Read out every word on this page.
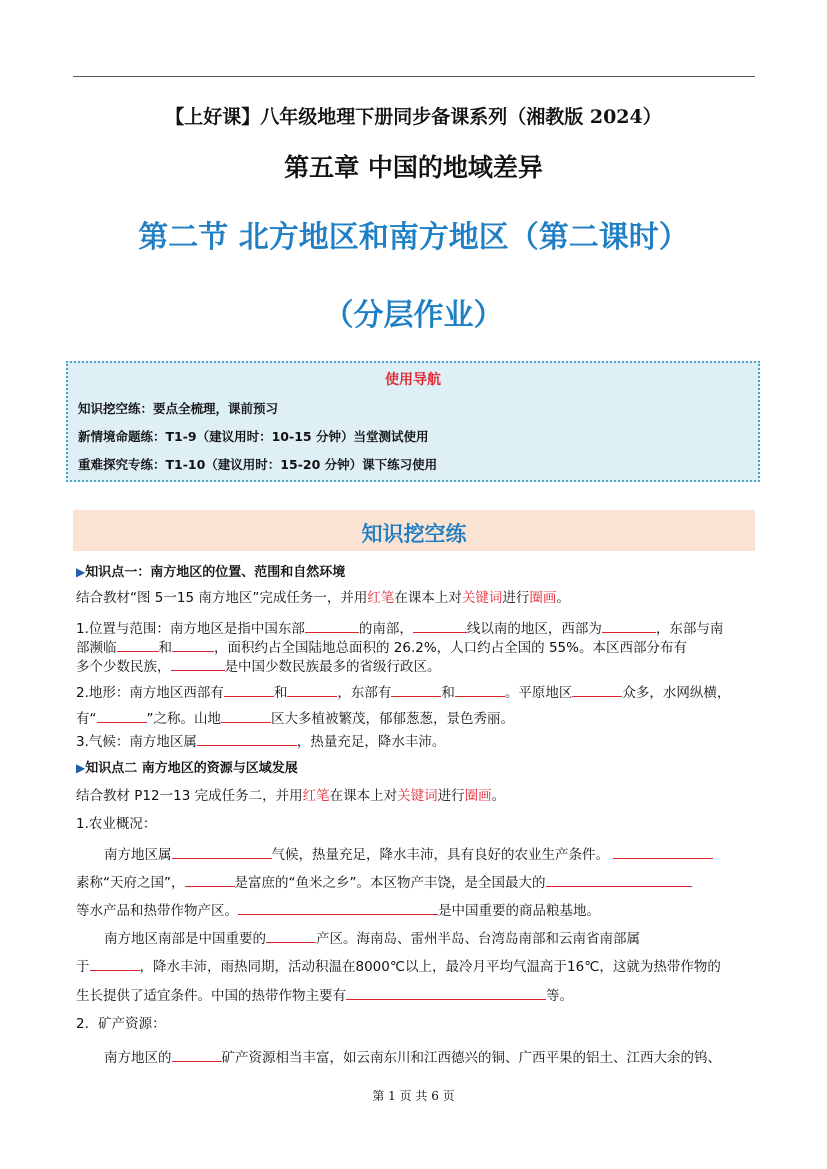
【上好课】八年级地理下册同步备课系列（湘教版 2024）
第五章 中国的地域差异
第二节 北方地区和南方地区（第二课时）
（分层作业）
使用导航
知识挖空练：要点全梳理，课前预习
新情境命题练：T1-9（建议用时：10-15 分钟）当堂测试使用
重难探究专练：T1-10（建议用时：15-20 分钟）课下练习使用
知识挖空练
▶知识点一：南方地区的位置、范围和自然环境
结合教材“图 5一15 南方地区”完成任务一，并用红笔在课本上对关键词进行圈画。
1.位置与范围：南方地区是指中国东部	的南部，	线以南的地区，西部为	，东部与南
部濒临	和	，面积约占全国陆地总面积的 26.2%，人口约占全国的 55%。本区西部分布有
多个少数民族，	是中国少数民族最多的省级行政区。
2.地形：南方地区西部有	和	，东部有	和	。平原地区	众多，水网纵横，
有“	”之称。山地	区大多植被繁茂，郁郁葱葱，景色秀丽。
3.气候：南方地区属	，热量充足，降水丰沛。
▶知识点二 南方地区的资源与区域发展
结合教材 P12一13 完成任务二，并用红笔在课本上对关键词进行圈画。
1.农业概况：
南方地区属	气候，热量充足，降水丰沛，具有良好的农业生产条件。
素称“天府之国”，	是富庶的“鱼米之乡”。本区物产丰饶，是全国最大的
等水产品和热带作物产区。	是中国重要的商品粮基地。
南方地区南部是中国重要的	产区。海南岛、雷州半岛、台湾岛南部和云南省南部属
于	，降水丰沛，雨热同期，活动积温在8000℃以上，最冷月平均气温高于16℃，这就为热带作物的
生长提供了适宜条件。中国的热带作物主要有	等。
2．矿产资源：
南方地区的	矿产资源相当丰富，如云南东川和江西德兴的铜、广西平果的铝土、江西大余的钨、
第 1 页 共 6 页
